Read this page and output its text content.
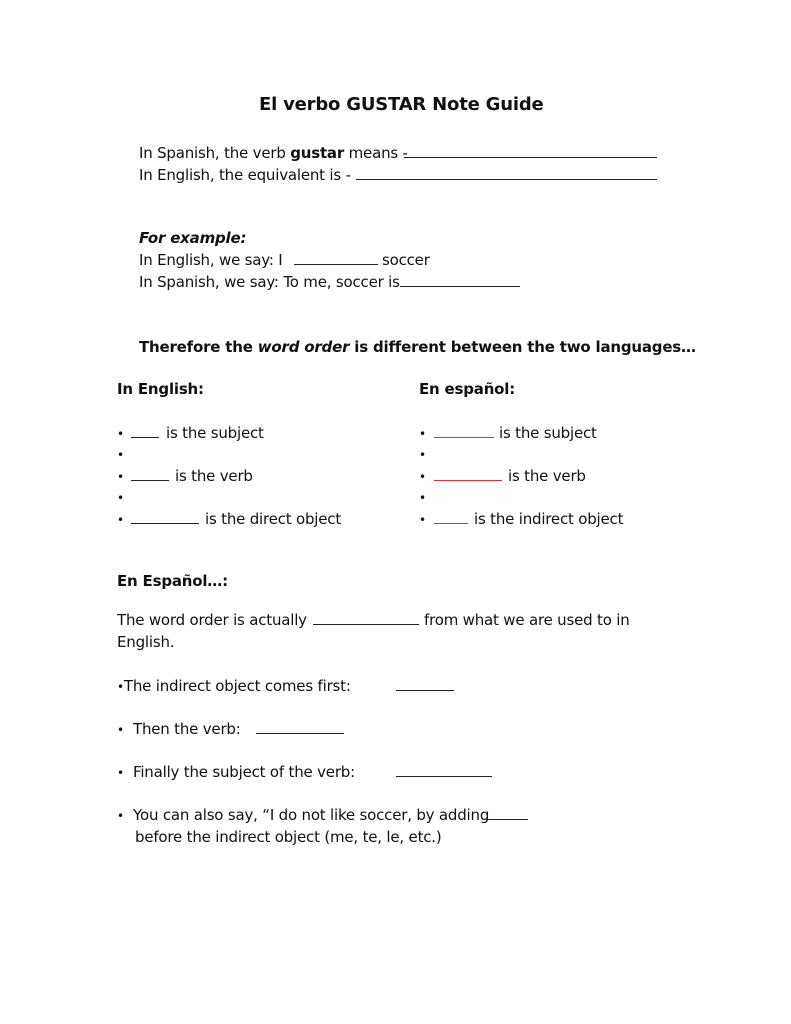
El verbo GUSTAR Note Guide
In Spanish, the verb gustar means -
In English, the equivalent is -
For example:
In English, we say: I	soccer
In Spanish, we say: To me, soccer is
Therefore the word order is different between the two languages…
In English:
•	is the subject
•
•	is the verb
•
•	is the direct object
En español:
•	is the subject
•
•	is the verb
•
•	is the indirect object
En Español…:
The word order is actually	from what we are used to in
English.
•The indirect object comes first:
• Then the verb:
• Finally the subject of the verb:
• You can also say, “I do not like soccer, by adding
before the indirect object (me, te, le, etc.)
